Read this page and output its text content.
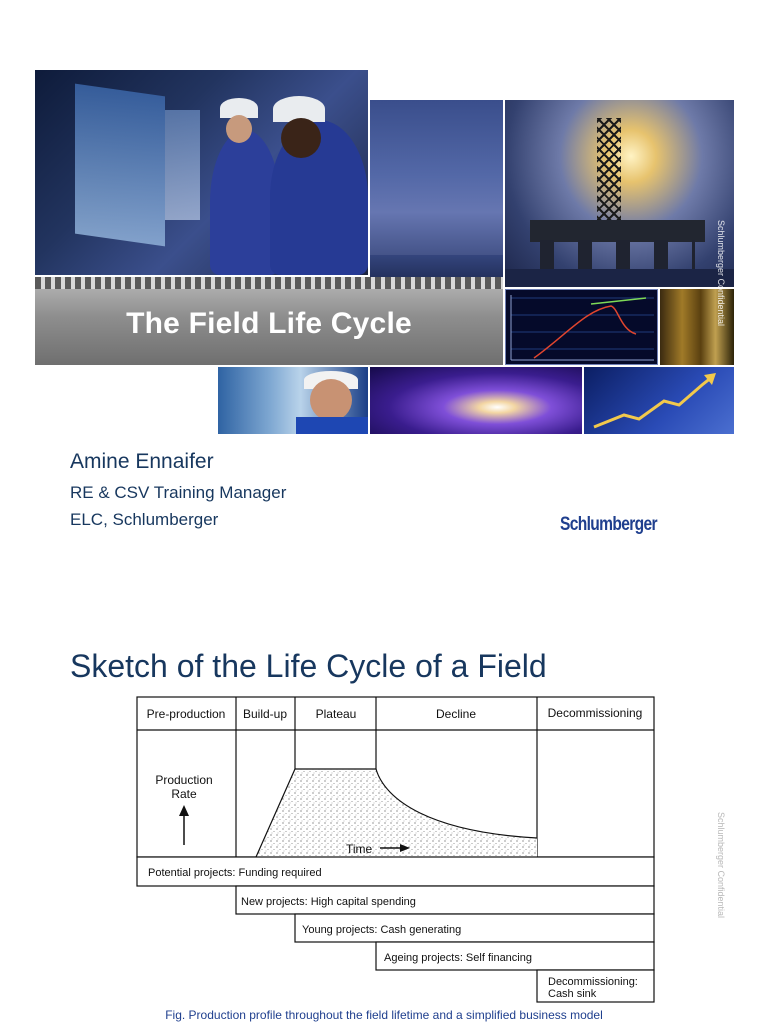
The Field Life Cycle	Schlumberger Confidential
Amine Ennaifer
RE & CSV Training Manager
ELC, Schlumberger	Schlumberger
Sketch of the Life Cycle of a Field
Pre-production Build-up Plateau	Decline	Decommissioning
Production
Rate
Time
Potential projects: Funding required
New projects: High capital spending
Young projects: Cash generating
Ageing projects: Self financing
Decommissioning:
Cash sink
Schlumberger Confidential
Fig. Production profile throughout the field lifetime and a simplified business model
